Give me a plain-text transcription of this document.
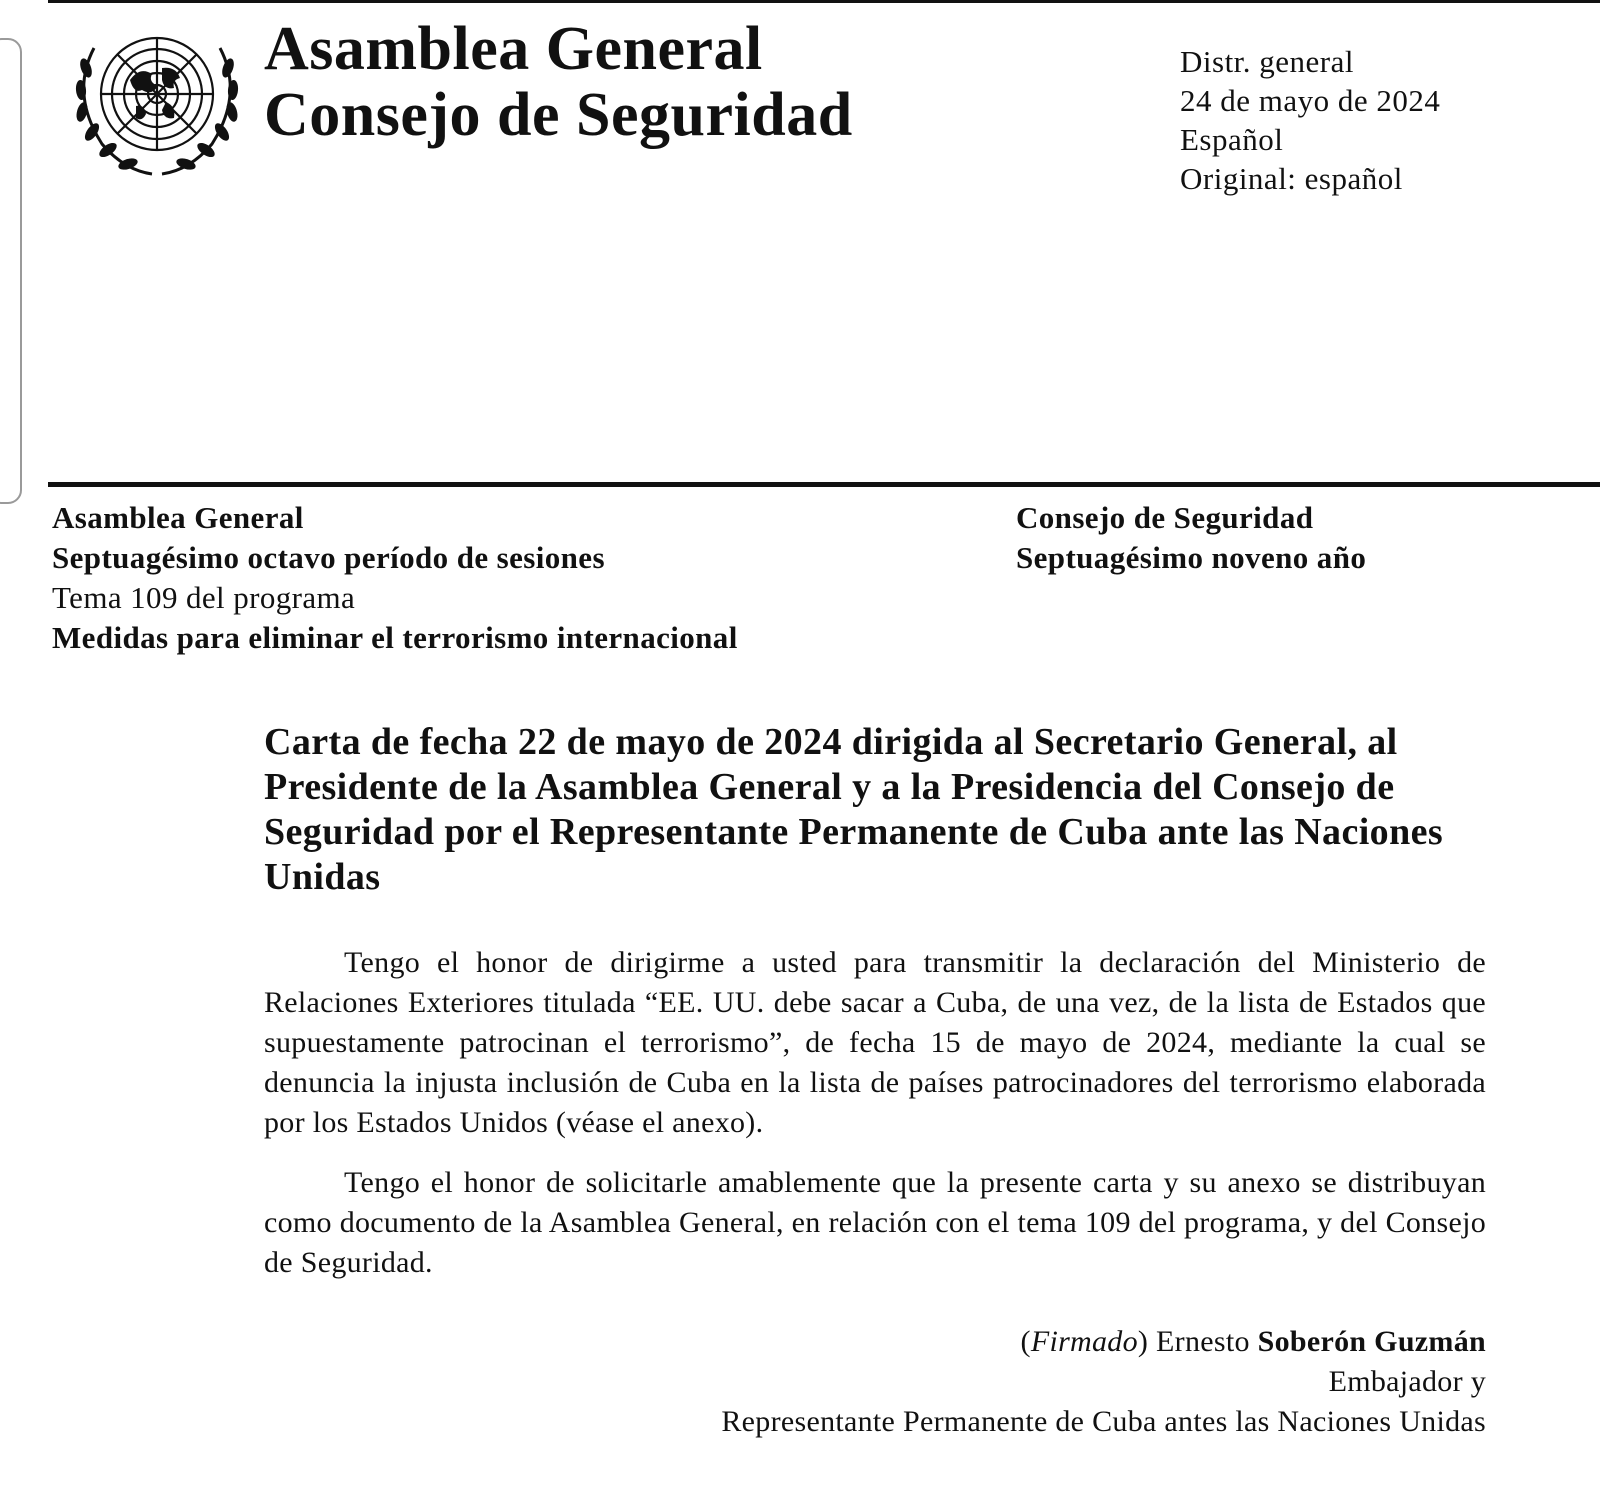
Asamblea General
Consejo de Seguridad
Distr. general
24 de mayo de 2024
Español
Original: español
Asamblea General
Septuagésimo octavo período de sesiones
Tema 109 del programa
Medidas para eliminar el terrorismo internacional
Consejo de Seguridad
Septuagésimo noveno año
Carta de fecha 22 de mayo de 2024 dirigida al Secretario General, al Presidente de la Asamblea General y a la Presidencia del Consejo de Seguridad por el Representante Permanente de Cuba ante las Naciones Unidas

Tengo el honor de dirigirme a usted para transmitir la declaración del Ministerio de Relaciones Exteriores titulada “EE. UU. debe sacar a Cuba, de una vez, de la lista de Estados que supuestamente patrocinan el terrorismo”, de fecha 15 de mayo de 2024, mediante la cual se denuncia la injusta inclusión de Cuba en la lista de países patrocinadores del terrorismo elaborada por los Estados Unidos (véase el anexo).

Tengo el honor de solicitarle amablemente que la presente carta y su anexo se distribuyan como documento de la Asamblea General, en relación con el tema 109 del programa, y del Consejo de Seguridad.

(Firmado) Ernesto Soberón Guzmán
Embajador y
Representante Permanente de Cuba antes las Naciones Unidas
